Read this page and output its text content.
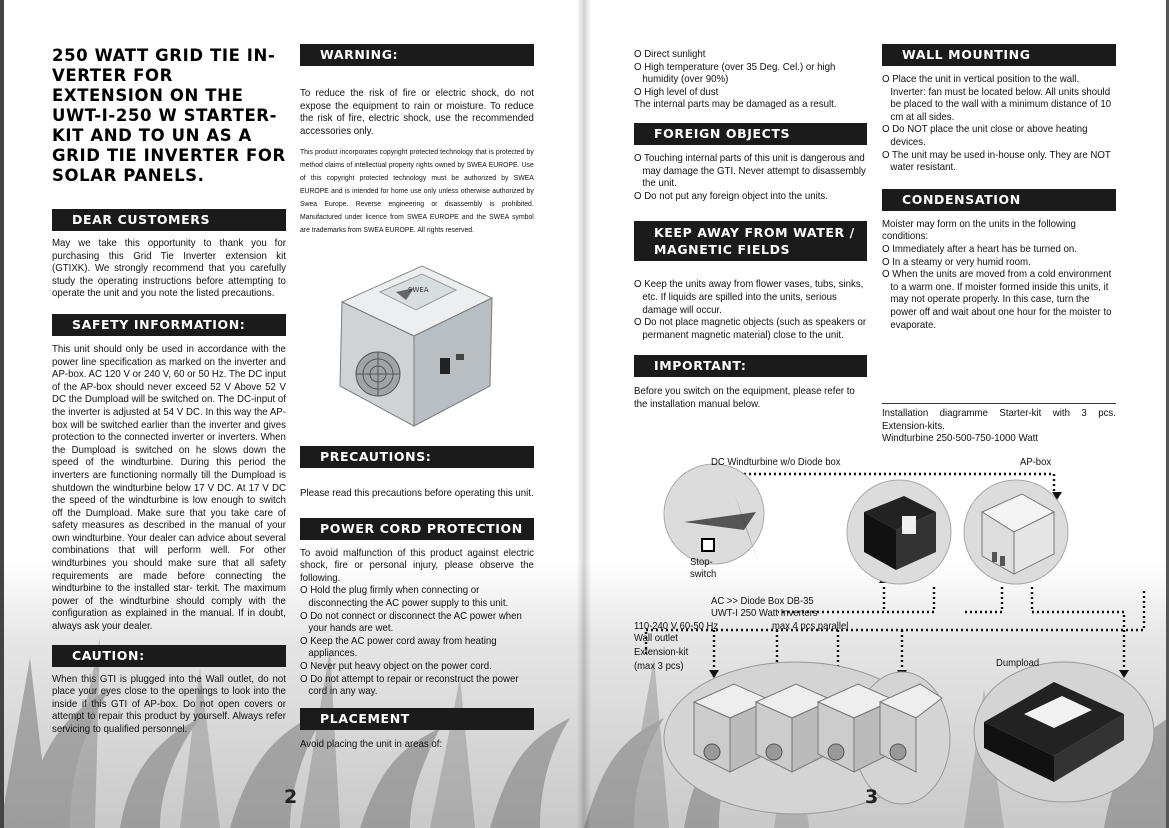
250 WATT GRID TIE IN-VERTER FOR EXTENSION ON THE UWT-I-250 W STARTER-KIT AND TO UN AS A GRID TIE INVERTER FOR SOLAR PANELS.
DEAR CUSTOMERS
May we take this opportunity to thank you for purchasing this Grid Tie Inverter extension kit (GTIXK). We strongly recommend that you carefully study the operating instructions before attempting to operate the unit and you note the listed precautions.
SAFETY INFORMATION:
This unit should only be used in accordance with the power line specification as marked on the inverter and AP-box. AC 120 V or 240 V, 60 or 50 Hz. The DC input of the AP-box should never exceed 52 V Above 52 V DC the Dumpload will be switched on. The DC-input of the inverter is adjusted at 54 V DC. In this way the AP-box will be switched earlier than the inverter and gives protection to the connected inverter or inverters. When the Dumpload is switched on he slows down the speed of the windturbine. During this period the inverters are functioning normally till the Dumpload is shutdown the windturbine below 17 V DC. At 17 V DC the speed of the windturbine is low enough to switch off the Dumpload. Make sure that you take care of safety measures as described in the manual of your own windturbine. Your dealer can advice about several combinations that will perform well. For other windturbines you should make sure that all safety requirements are made before connecting the windturbine to the installed star- terkit. The maximum power of the windturbine should comply with the configuration as explained in the manual. If in doubt, always ask your dealer.
CAUTION:
When this GTI is plugged into the Wall outlet, do not place your eyes close to the openings to look into the inside if this GTI of AP-box. Do not open covers or attempt to repair this product by yourself. Always refer servicing to qualified personnel.
WARNING:
To reduce the risk of fire or electric shock, do not expose the equipment to rain or moisture. To reduce the risk of fire, electric shock, use the recommended accessories only.
This product incorporates copyright protected technology that is protected by method claims of intellectual property rights owned by SWEA EUROPE. Use of this copyright protected technology must be authorized by SWEA EUROPE and is intended for home use only unless otherwise authorized by Swea Europe. Reverse engineering or disassembly is prohibited. Manufactured under licence from SWEA EUROPE and the SWEA symbol are trademarks from SWEA EUROPE. All rights reserved.
SWEA
PRECAUTIONS:
Please read this precautions before operating this unit.
POWER CORD PROTECTION
To avoid malfunction of this product against electric shock, fire or personal injury, please observe the following.
O Hold the plug firmly when connecting or disconnecting the AC power supply to this unit.
O Do not connect or disconnect the AC power when your hands are wet.
O Keep the AC power cord away from heating appliances.
O Never put heavy object on the power cord.
O Do not attempt to repair or reconstruct the power cord in any way.
PLACEMENT
Avoid placing the unit in areas of:
2
O Direct sunlight
O High temperature (over 35 Deg. Cel.) or high humidity (over 90%)
O High level of dust
The internal parts may be damaged as a result.
FOREIGN OBJECTS
O Touching internal parts of this unit is dangerous and may damage the GTI. Never attempt to disassembly the unit.
O Do not put any foreign object into the units.
KEEP AWAY FROM WATER / MAGNETIC FIELDS
O Keep the units away from flower vases, tubs, sinks, etc. If liquids are spilled into the units, serious damage will occur.
O Do not place magnetic objects (such as speakers or permanent magnetic material) close to the unit.
IMPORTANT:
Before you switch on the equipment, please refer to the installation manual below.
WALL MOUNTING
O Place the unit in vertical position to the wall. Inverter: fan must be located below. All units should be placed to the wall with a minimum distance of 10 cm at all sides.
O Do NOT place the unit close or above heating devices.
O The unit may be used in-house only. They are NOT water resistant.
CONDENSATION
Moister may form on the units in the following conditions:
O Immediately after a heart has be turned on.
O In a steamy or very humid room.
O When the units are moved from a cold environment to a warm one. If moister formed inside this units, it may not operate properly. In this case, turn the power off and wait about one hour for the moister to evaporate.
Installation diagramme Starter-kit with 3 pcs. Extension-kits.
Windturbine 250-500-750-1000 Watt
DC Windturbine w/o Diode box	AP-box
Stop-
switch
AC >> Diode Box DB-35
UWT-I 250 Watt Inverters
max 4 pcs parallel
110-240 V 60-50 Hz
Wall outlet
Extension-kit
(max 3 pcs)	Dumpload
3
